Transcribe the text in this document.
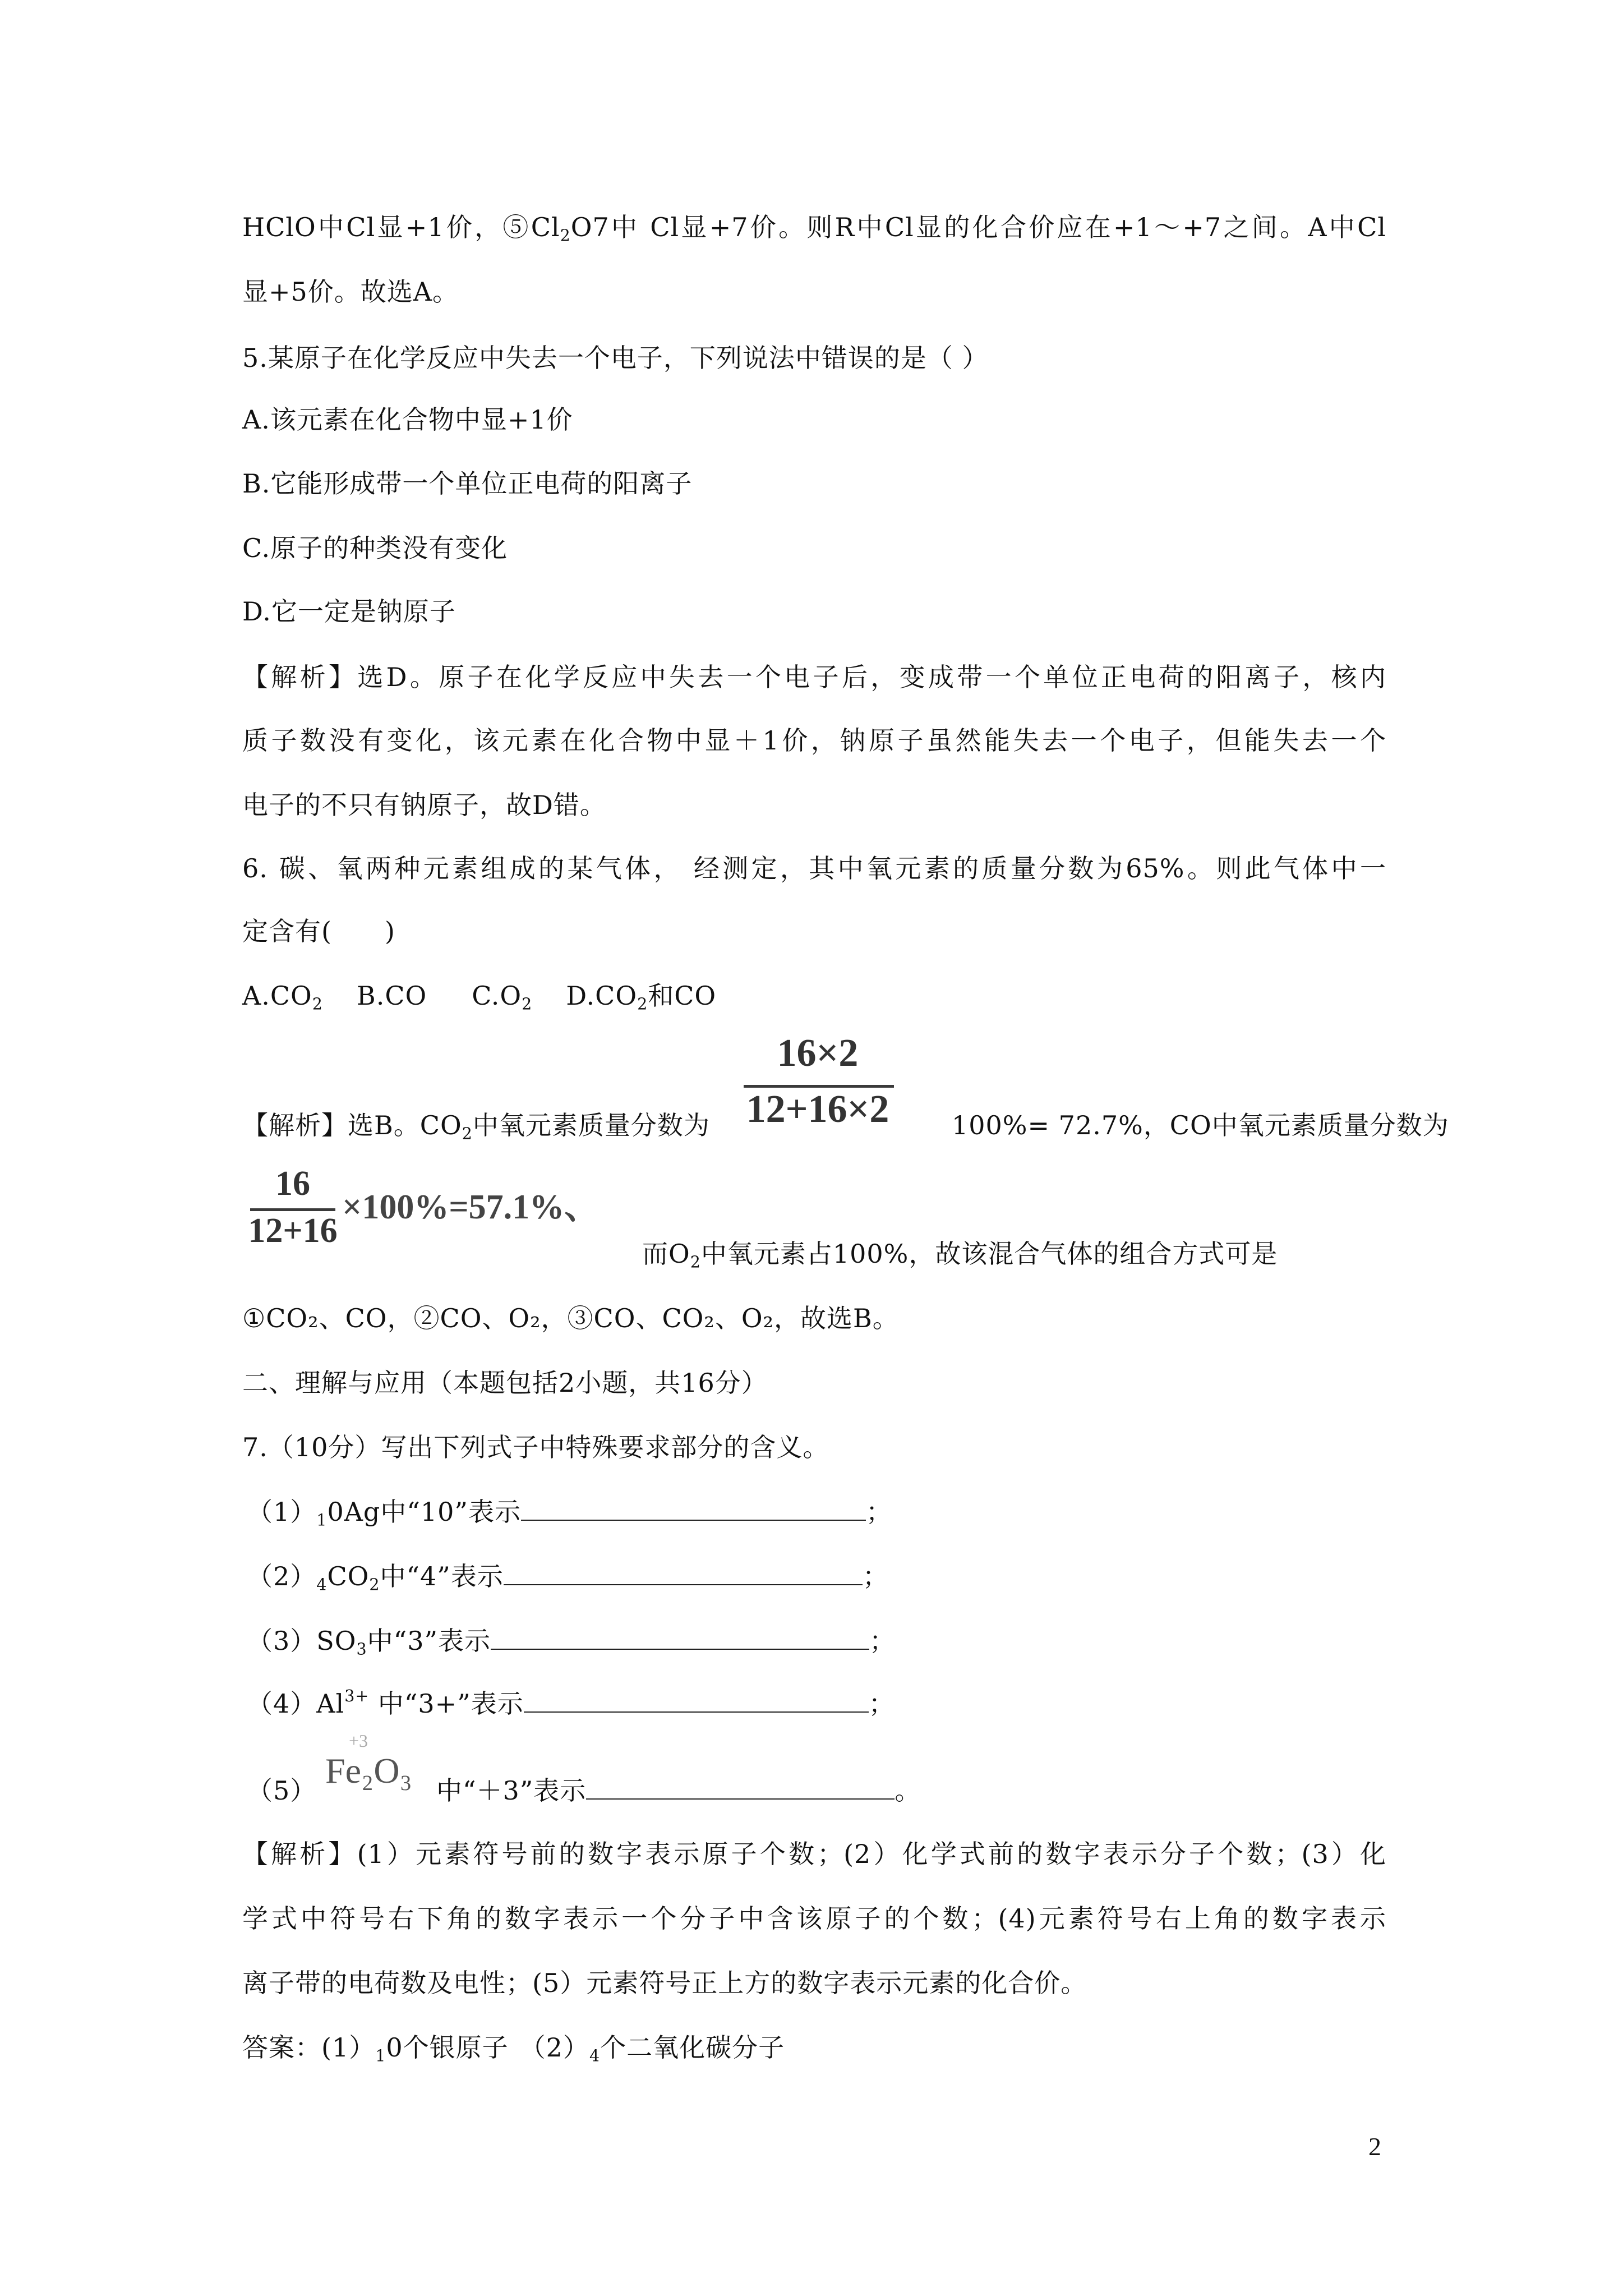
HClO中Cl显+1价，$⑤Cl_2O7$中 Cl显+7价。则R中Cl显的化合价应在+1～+7之间。A中Cl
显+5价。故选A。
5.某原子在化学反应中失去一个电子，下列说法中错误的是（ ）
A.该元素在化合物中显+1价
B.它能形成带一个单位正电荷的阳离子
C.原子的种类没有变化
D.它一定是钠原子
【解析】选D。原子在化学反应中失去一个电子后，变成带一个单位正电荷的阳离子，核内
质子数没有变化，该元素在化合物中显＋1价，钠原子虽然能失去一个电子，但能失去一个
电子的不只有钠原子，故D错。
6. 碳、氧两种元素组成的某气体， 经测定，其中氧元素的质量分数为65%。则此气体中一
定含有(　　)
$A.CO_2$ B.CO $C.O_2$ $D.CO_2$和CO
【解析】选B。$CO_2$中氧元素质量分数为
16×2
12+16×2 100%= 72.7%，CO中氧元素质量分数为
16
12+16
×100%=57.1%、
而$O_2$中氧元素占100%，故该混合气体的组合方式可是
①CO₂、CO，②CO、O₂，③CO、CO₂、O₂，故选B。
二、理解与应用（本题包括2小题，共16分）
7.（10分）写出下列式子中特殊要求部分的含义。
（1）10Ag中“10”表示	；
$(2)4CO_2$中“4”表示	；
$(3)SO_3$中“3”表示	；
$(4)Al^{3+}$ 中“3+”表示	；
（5）
+3
Fe₂O₃ 中“＋3”表示	。
【解析】(1）元素符号前的数字表示原子个数；(2）化学式前的数字表示分子个数；(3）化
学式中符号右下角的数字表示一个分子中含该原子的个数；(4)元素符号右上角的数字表示
离子带的电荷数及电性；(5）元素符号正上方的数字表示元素的化合价。
答案：(1）10个银原子 （2）4个二氧化碳分子
2
